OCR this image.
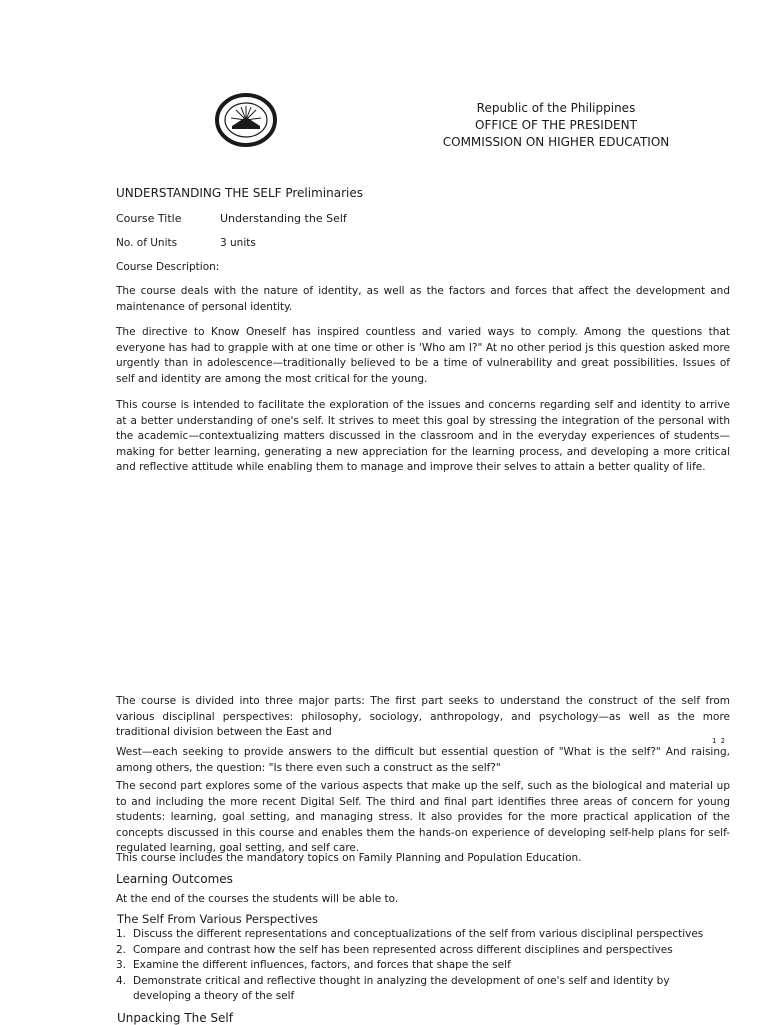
Republic of the Philippines
OFFICE OF THE PRESIDENT
COMMISSION ON HIGHER EDUCATION
UNDERSTANDING THE SELF Preliminaries
Course Title	Understanding the Self
No. of Units	3 units
Course Description:

The course deals with the nature of identity, as well as the factors and forces that affect the development and maintenance of personal identity.

The directive to Know Oneself has inspired countless and varied ways to comply. Among the questions that everyone has had to grapple with at one time or other is 'Who am I?" At no other period js this question asked more urgently than in adolescence—traditionally believed to be a time of vulnerability and great possibilities. Issues of self and identity are among the most critical for the young.

This course is intended to facilitate the exploration of the issues and concerns regarding self and identity to arrive at a better understanding of one's self. It strives to meet this goal by stressing the integration of the personal with the academic—contextualizing matters discussed in the classroom and in the everyday experiences of students—making for better learning, generating a new appreciation for the learning process, and developing a more critical and reflective attitude while enabling them to manage and improve their selves to attain a better quality of life.

The course is divided into three major parts: The first part seeks to understand the construct of the self from various disciplinal perspectives: philosophy, sociology, anthropology, and psychology—as well as the more traditional division between the East and

1 2

West—each seeking to provide answers to the difficult but essential question of "What is the self?" And raising, among others, the question: "Is there even such a construct as the self?"

The second part explores some of the various aspects that make up the self, such as the biological and material up to and including the more recent Digital Self. The third and final part identifies three areas of concern for young students: learning, goal setting, and managing stress. It also provides for the more practical application of the concepts discussed in this course and enables them the hands-on experience of developing self-help plans for self-regulated learning, goal setting, and self care.

This course includes the mandatory topics on Family Planning and Population Education.

Learning Outcomes
At the end of the courses the students will be able to.
The Self From Various Perspectives
1. Discuss the different representations and conceptualizations of the self from various disciplinal perspectives
2. Compare and contrast how the self has been represented across different disciplines and perspectives
3. Examine the different influences, factors, and forces that shape the self
4. Demonstrate critical and reflective thought in analyzing the development of one's self and identity by developing a theory of the self
Unpacking The Self
